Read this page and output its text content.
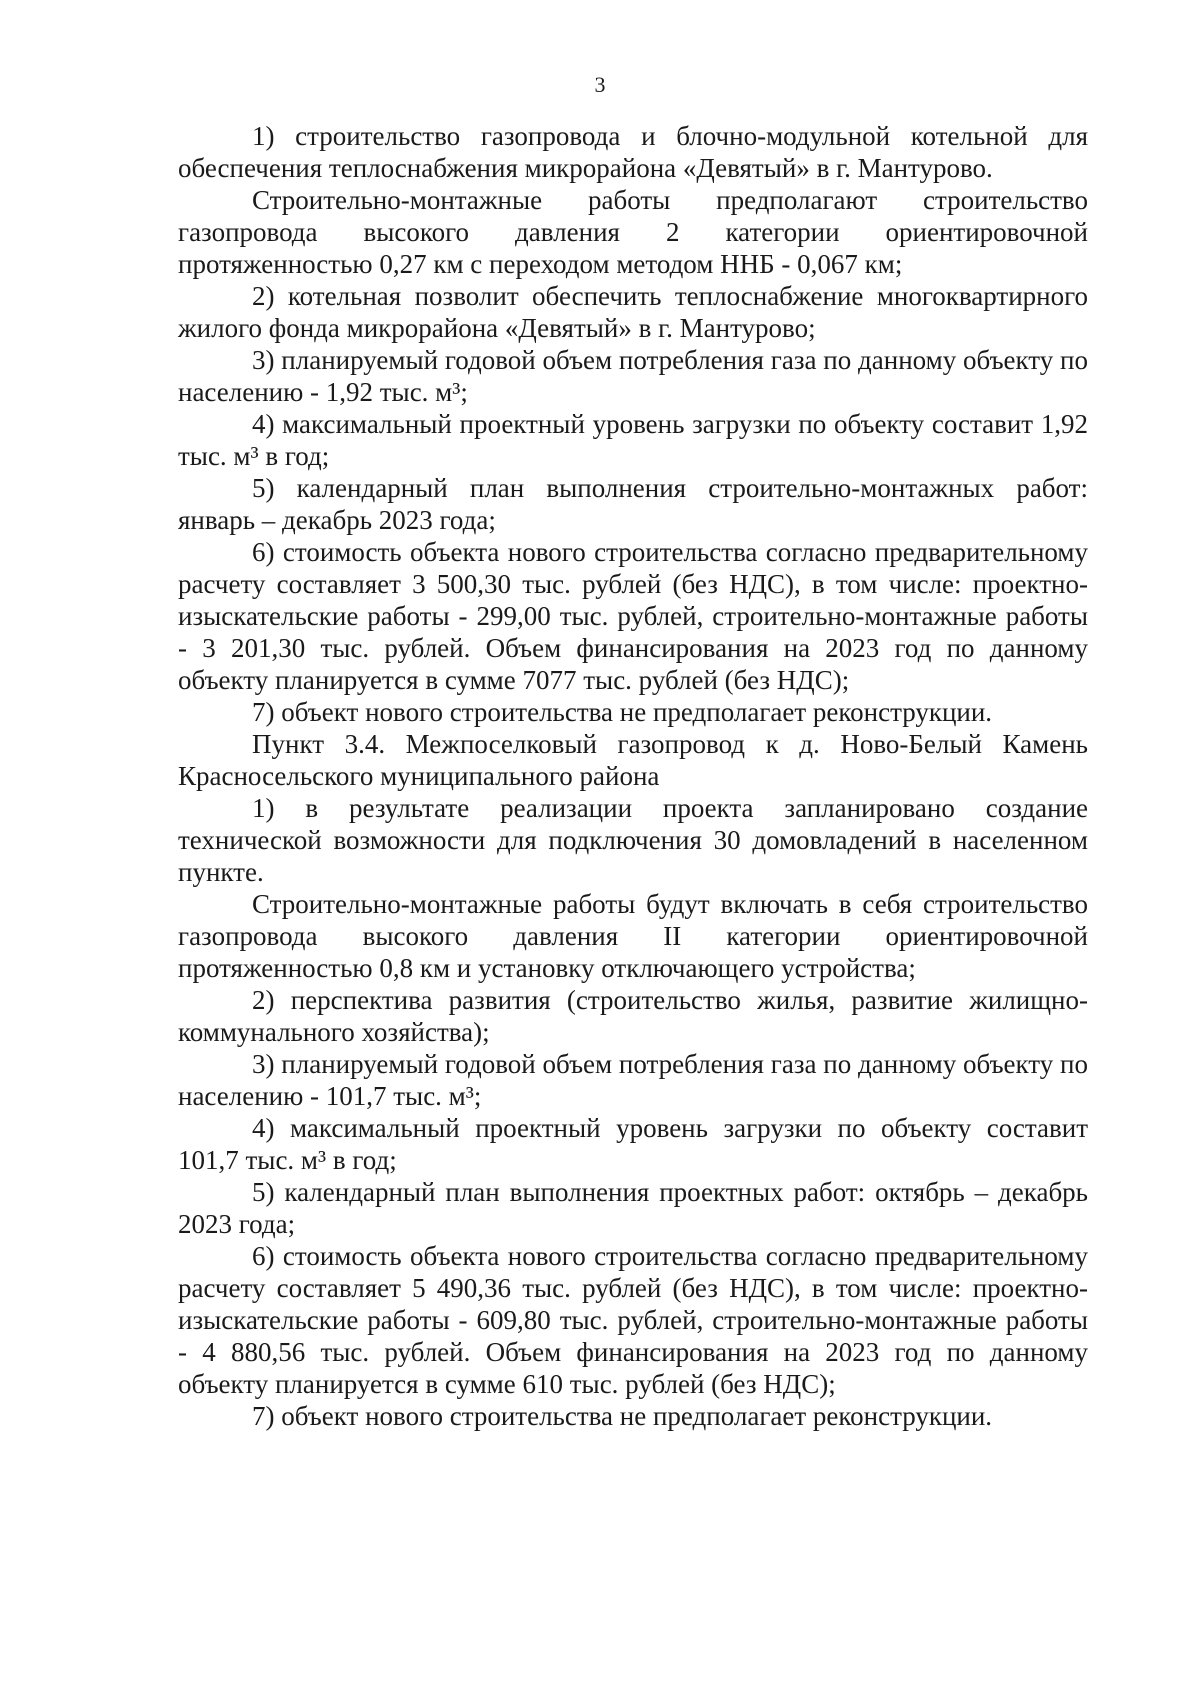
3

1) строительство газопровода и блочно-модульной котельной для обеспечения теплоснабжения микрорайона «Девятый» в г. Мантурово.

Строительно-монтажные работы предполагают строительство газопровода высокого давления 2 категории ориентировочной протяженностью 0,27 км с переходом методом ННБ - 0,067 км;

2) котельная позволит обеспечить теплоснабжение многоквартирного жилого фонда микрорайона «Девятый» в г. Мантурово;

3) планируемый годовой объем потребления газа по данному объекту по населению - 1,92 тыс. м³;

4) максимальный проектный уровень загрузки по объекту составит 1,92 тыс. м³ в год;

5) календарный план выполнения строительно-монтажных работ: январь – декабрь 2023 года;

6) стоимость объекта нового строительства согласно предварительному расчету составляет 3 500,30 тыс. рублей (без НДС), в том числе: проектно-изыскательские работы - 299,00 тыс. рублей, строительно-монтажные работы - 3 201,30 тыс. рублей. Объем финансирования на 2023 год по данному объекту планируется в сумме 7077 тыс. рублей (без НДС);

7) объект нового строительства не предполагает реконструкции.

Пункт 3.4. Межпоселковый газопровод к д. Ново-Белый Камень Красносельского муниципального района

1) в результате реализации проекта запланировано создание технической возможности для подключения 30 домовладений в населенном пункте.

Строительно-монтажные работы будут включать в себя строительство газопровода высокого давления II категории ориентировочной протяженностью 0,8 км и установку отключающего устройства;

2) перспектива развития (строительство жилья, развитие жилищно-коммунального хозяйства);

3) планируемый годовой объем потребления газа по данному объекту по населению - 101,7 тыс. м³;

4) максимальный проектный уровень загрузки по объекту составит 101,7 тыс. м³ в год;

5) календарный план выполнения проектных работ: октябрь – декабрь 2023 года;

6) стоимость объекта нового строительства согласно предварительному расчету составляет 5 490,36 тыс. рублей (без НДС), в том числе: проектно-изыскательские работы - 609,80 тыс. рублей, строительно-монтажные работы - 4 880,56 тыс. рублей. Объем финансирования на 2023 год по данному объекту планируется в сумме 610 тыс. рублей (без НДС);

7) объект нового строительства не предполагает реконструкции.
